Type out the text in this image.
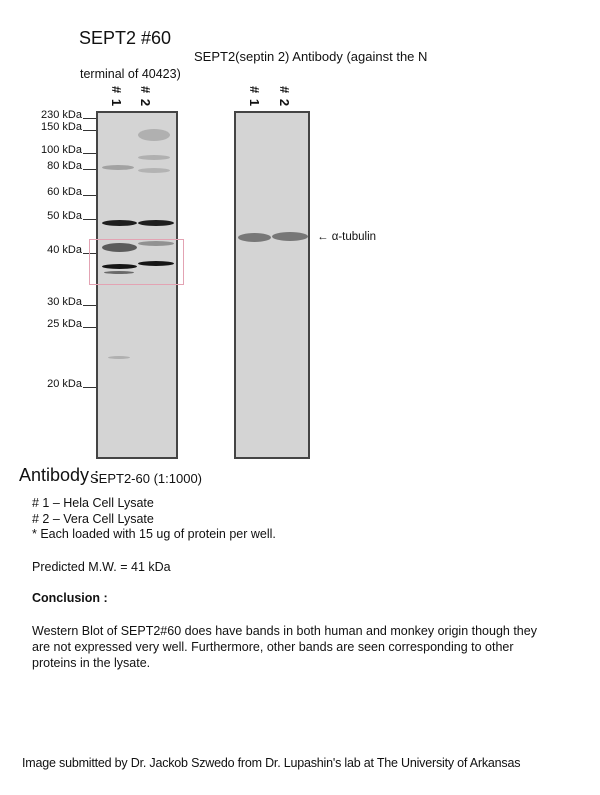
SEPT2 #60
SEPT2(septin 2) Antibody (against the N
terminal of 40423)
# 1 # 2
230 kDa
150 kDa
100 kDa
80 kDa
60 kDa
50 kDa
40 kDa
30 kDa
25 kDa
20 kDa
# 1 # 2
← α-tubulin
Antibody :
SEPT2-60 (1:1000)
# 1 – Hela Cell Lysate
# 2 – Vera Cell Lysate
* Each loaded with 15 ug of protein per well.
Predicted M.W. = 41 kDa
Conclusion :
Western Blot of SEPT2#60 does have bands in both human and monkey origin though they are not expressed very well. Furthermore, other bands are seen corresponding to other proteins in the lysate.
Image submitted by Dr. Jackob Szwedo from Dr. Lupashin's lab at The University of Arkansas
